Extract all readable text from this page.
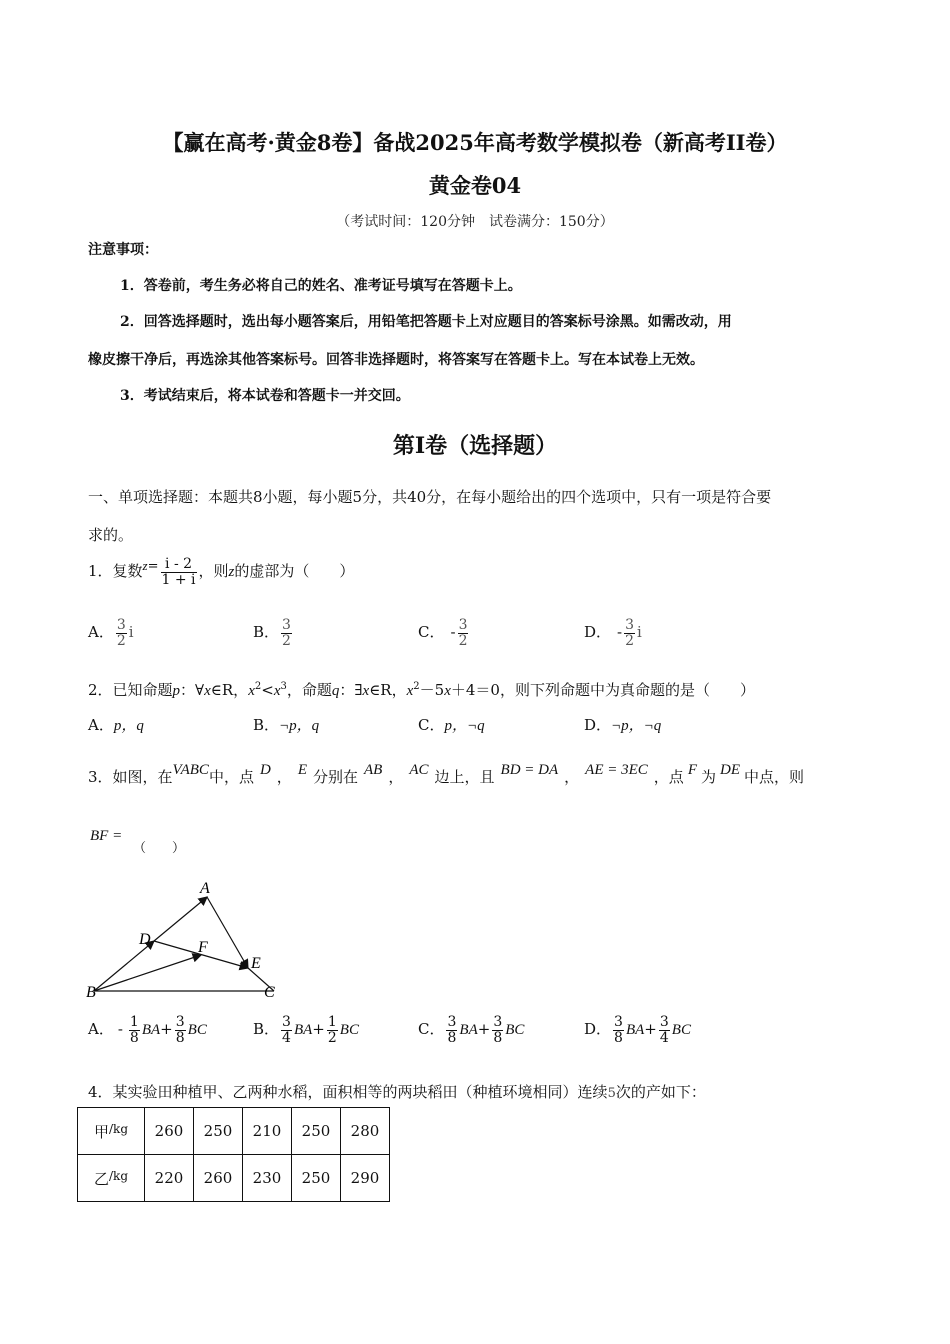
【赢在高考·黄金8卷】备战2025年高考数学模拟卷（新高考II卷）
黄金卷04
（考试时间：120分钟　试卷满分：150分）
注意事项：
1．答卷前，考生务必将自己的姓名、准考证号填写在答题卡上。
2．回答选择题时，选出每小题答案后，用铅笔把答题卡上对应题目的答案标号涂黑。如需改动，用
橡皮擦干净后，再选涂其他答案标号。回答非选择题时，将答案写在答题卡上。写在本试卷上无效。
3．考试结束后，将本试卷和答题卡一并交回。
第I卷（选择题）
一、单项选择题：本题共8小题，每小题5分，共40分，在每小题给出的四个选项中，只有一项是符合要
求的。
1．复数$z= \frac{i - 2}{1 + i}$ ，则z的虚部为（　　）
A． $\frac{3}{2}$ i	B． $\frac{3}{2}$	C． - $\frac{3}{2}$	D． - $\frac{3}{2}$ i
2．已知命题p：∀x∈R，$x^2<x^3$，命题q：∃x∈R，$x^2-5x+4=0$，则下列命题中为真命题的是（　　）
A．p，q	B．¬p，q	C．p，¬q	D．¬p，¬q
3．如图，在VABC中，点 D ， E 分别在 AB ， AC 边上，且 BD = DA ， AE = 3EC ，点 F 为 DE 中点，则
BF =
（　　）
A
B	C
D
E
F
A． - $\frac{1}{8} BA+ \frac{3}{8}$ BC	B． $\frac{3}{4} BA+ \frac{1}{2}$ BC	C． $\frac{3}{8} BA+ \frac{3}{8}$ BC	D． $\frac{3}{8} BA+ \frac{3}{4}$ BC
4．某实验田种植甲、乙两种水稻，面积相等的两块稻田（种植环境相同）连续5次的产如下：
甲$^{/kg}$	260	250	210	250	280
乙$^{/kg}$	220	260	230	250	290
